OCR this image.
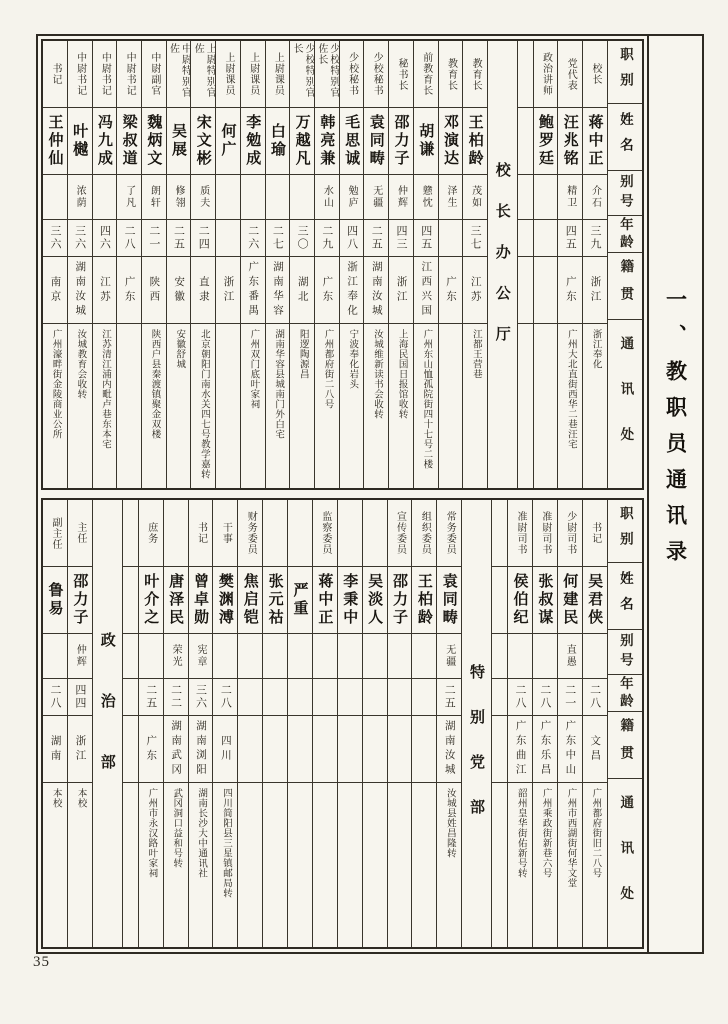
职别
姓名
别号
年龄
籍贯
通讯处
校长
蒋中正
介石
三九
浙江
浙江奉化
党代表
汪兆铭
精卫
四五
广东
广州大北直街西华二巷汪宅
政治讲师
鲍罗廷
校长办公厅
教育长
王柏龄
茂如
三七
江苏
江都王营巷
教育长
邓演达
泽生
广东
前教育长
胡谦
戆忱
四五
江西兴国
广州东山恤孤院街四十七号二楼
秘书长
邵力子
仲辉
四三
浙江
上海民国日报馆收转
少校秘书
袁同畴
无疆
二五
湖南汝城
汝城维新读书会收转
少校秘书
毛思诚
勉庐
四八
浙江奉化
宁波奉化岩头
少校特别官佐长
韩亮兼
水山
二九
广东
广州都府街二八号
少校特别官长
万越凡
三〇
湖北
阳逻陶源昌
上尉课员
白瑜
二七
湖南华容
湖南华容县城南门外白宅
上尉课员
李勉成
二六
广东番禺
广州双门底叶家祠
上尉课员
何广
浙江
上尉特别官佐
宋文彬
质夫
二四
直隶
北京朝阳门南水关四七号教学嘉转
中尉特别官佐
吴展
修翎
二五
安徽
安徽舒城
中尉副官
魏炳文
朗轩
二一
陕西
陕西户县秦渡镇聚金双楼
中尉书记
梁叔道
了凡
二八
广东
中尉书记
冯九成
四六
江苏
江苏清江浦内毗卢巷东本宅
中尉书记
叶樾
浓荫
三六
湖南汝城
汝城教育会收转
书记
王仲仙
三六
南京
广州濠畔街金陵商业公所
职别
姓名
别号
年龄
籍贯
通讯处
书记
吴君侠
二八
文昌
广州都府街旧二八号
少尉司书
何建民
直愚
二一
广东中山
广州市西湖街何华文堂
准尉司书
张叔谋
二八
广东乐昌
广州乘政街新巷六号
准尉司书
侯伯纪
二八
广东曲江
韶州皇华街佑新号转
特别党部
常务委员
袁同畴
无疆
二五
湖南汝城
汝城县姓昌隆转
组织委员
王柏龄
宣传委员
邵力子
吴淡人
李秉中
监察委员
蒋中正
严重
张元祜
财务委员
焦启铠
干事
樊渊溥
二八
四川
四川简阳县三星镇邮局转
书记
曾卓勋
宪章
三六
湖南浏阳
湖南长沙大中通讯社
唐泽民
荣光
二二
湖南武冈
武冈洞口益和号转
庶务
叶介之
二五
广东
广州市永汉路叶家祠
政治部
主任
邵力子
仲辉
四四
浙江
本校
副主任
鲁易
二八
湖南
本校
一、教职员通讯录
35
